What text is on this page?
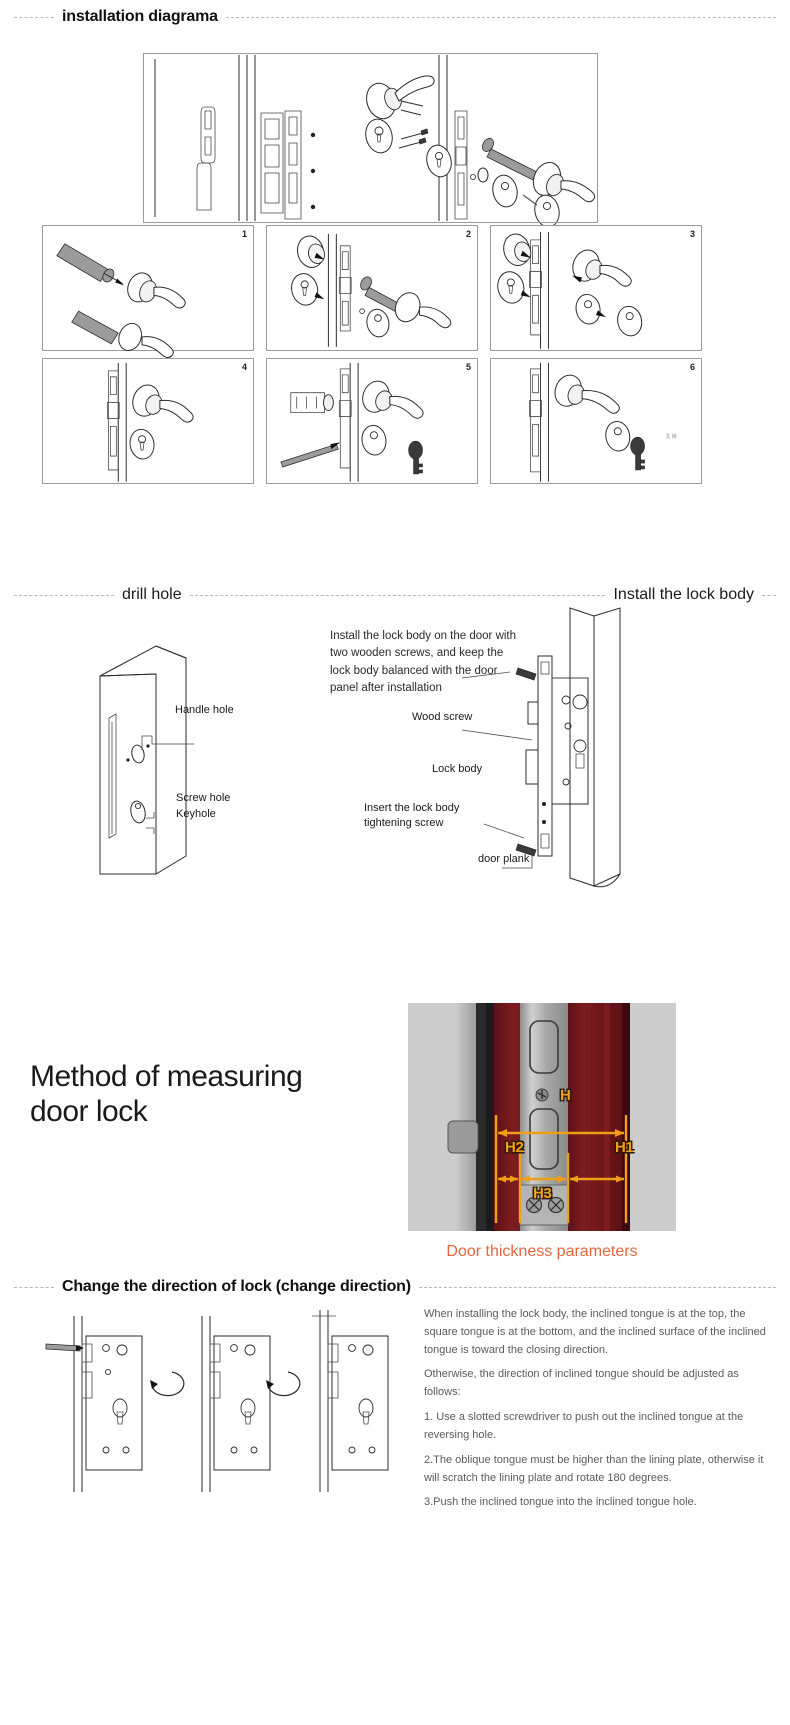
installation diagrama
1	2	3
4	5	6
关 闭
drill hole	Install the lock body
Handle hole
Screw hole
Keyhole
Install the lock body on the door with
two wooden screws, and keep the
lock body balanced with the door
panel after installation
Wood screw
Lock body
Insert the lock body
tightening screw
door plank
Method of measuring
door lock	H
H2	H1
H3
Door thickness parameters
Change the direction of lock (change direction)

When installing the lock body, the inclined tongue is at the top, the square tongue is at the bottom, and the inclined surface of the inclined tongue is toward the closing direction.

Otherwise, the direction of inclined tongue should be adjusted as follows:

1. Use a slotted screwdriver to push out the inclined tongue at the reversing hole.

2.The oblique tongue must be higher than the lining plate, otherwise it will scratch the lining plate and rotate 180 degrees.

3.Push the inclined tongue into the inclined tongue hole.
